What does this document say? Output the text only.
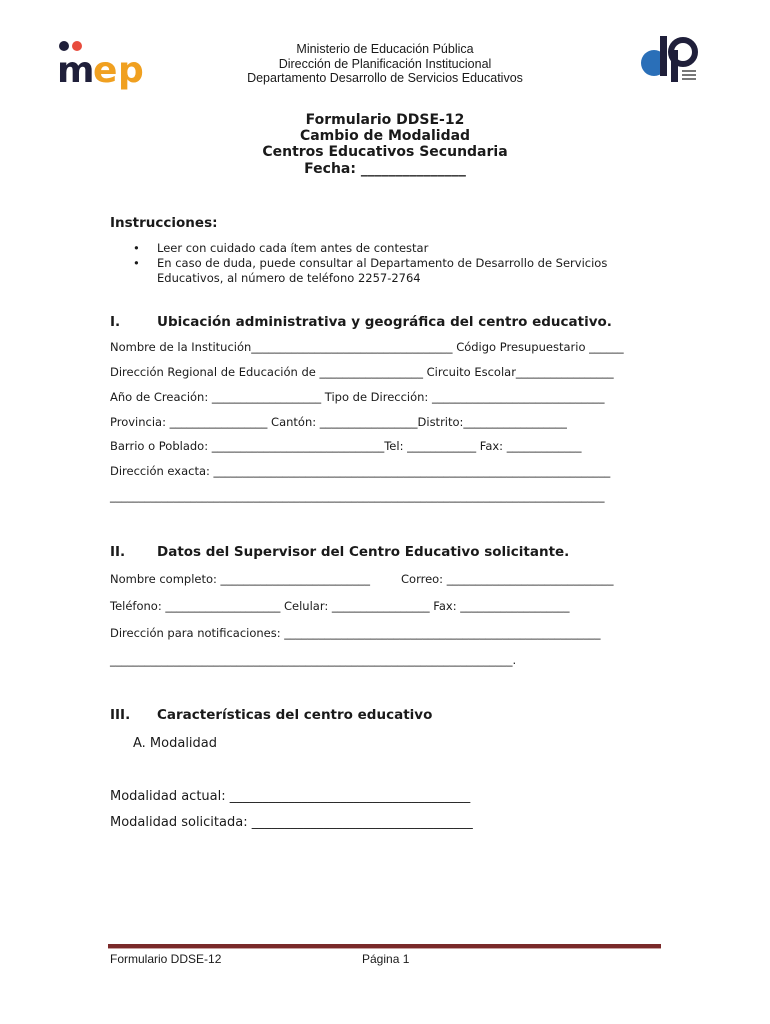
m
e p
Ministerio de Educación Pública
Dirección de Planificación Institucional
Departamento Desarrollo de Servicios Educativos
Formulario DDSE-12
Cambio de Modalidad
Centros Educativos Secundaria
Fecha: _______________
Instrucciones:
• Leer con cuidado cada ítem antes de contestar
• En caso de duda, puede consultar al Departamento de Desarrollo de Servicios
Educativos, al número de teléfono 2257-2764
I.	Ubicación administrativa y geográfica del centro educativo.
Nombre de la Institución___________________________________ Código Presupuestario ______
Dirección Regional de Educación de __________________ Circuito Escolar_________________
Año de Creación: ___________________ Tipo de Dirección: ______________________________
Provincia: _________________ Cantón: _________________Distrito:__________________
Barrio o Poblado: ______________________________Tel: ____________ Fax: _____________
Dirección exacta: _____________________________________________________________________
______________________________________________________________________________________
II. Datos del Supervisor del Centro Educativo solicitante.
Nombre completo: __________________________	Correo: _____________________________
Teléfono: ____________________ Celular: _________________ Fax: ___________________
Dirección para notificaciones: _______________________________________________________
______________________________________________________________________.
III. Características del centro educativo
A. Modalidad
Modalidad actual: _____________________________________
Modalidad solicitada: __________________________________
Formulario DDSE-12	Página 1
